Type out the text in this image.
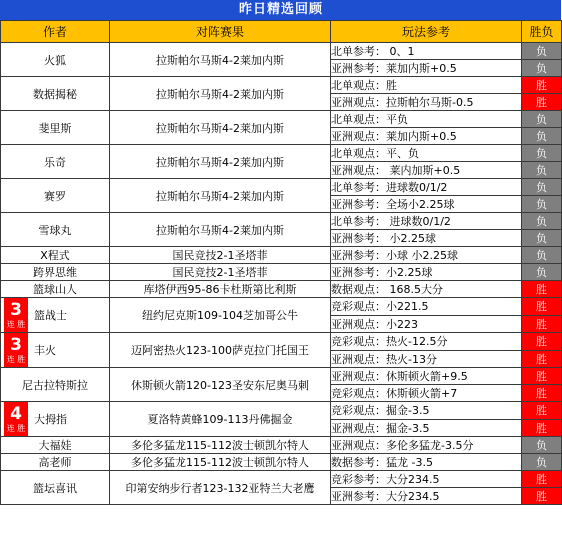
昨日精选回顾
作者	对阵赛果	玩法参考	胜负

火狐	拉斯帕尔马斯4-2莱加内斯	北单参考： 0、1	负
		亚洲参考：莱加内斯+0.5	负

数据揭秘	拉斯帕尔马斯4-2莱加内斯	北单观点：胜	胜
		亚洲观点：拉斯帕尔马斯-0.5	胜

斐里斯	拉斯帕尔马斯4-2莱加内斯	北单观点：平负	负
		亚洲观点：莱加内斯+0.5	负

乐奇	拉斯帕尔马斯4-2莱加内斯	北单观点：平、负	负
		亚洲观点： 莱内加斯+0.5	负

赛罗	拉斯帕尔马斯4-2莱加内斯	北单参考：进球数0/1/2	负
		亚洲参考：全场小2.25球	负

雪球丸	拉斯帕尔马斯4-2莱加内斯	北单参考： 进球数0/1/2	负
		亚洲参考： 小2.25球	负

X程式	国民竞技2-1圣塔菲	亚洲参考：小球 小2.25球	负

跨界思维	国民竞技2-1圣塔菲	亚洲参考：小2.25球	负

篮球山人	库塔伊西95-86卡杜斯第比利斯	数据观点： 168.5大分	胜

3
连 胜
篮战士	纽约尼克斯109-104芝加哥公牛	竞彩观点：小221.5	胜
		亚洲观点：小223	胜

3
连 胜
丰火	迈阿密热火123-100萨克拉门托国王	竞彩观点：热火-12.5分	胜
		亚洲观点：热火-13分	胜

尼古拉特斯拉	休斯顿火箭120-123圣安东尼奥马刺	亚洲观点：休斯顿火箭+9.5	胜
		竞彩观点：休斯顿火箭+7	胜

4
连 胜
大拇指	夏洛特黄蜂109-113丹佛掘金	竞彩观点：掘金-3.5	胜
		亚洲观点：掘金-3.5	胜

大福娃	多伦多猛龙115-112波士顿凯尔特人	亚洲观点：多伦多猛龙-3.5分	负

高老师	多伦多猛龙115-112波士顿凯尔特人	数据参考：猛龙 -3.5	负

篮坛喜讯	印第安纳步行者123-132亚特兰大老鹰	竞彩参考：大分234.5	胜
		亚洲参考：大分234.5	胜
